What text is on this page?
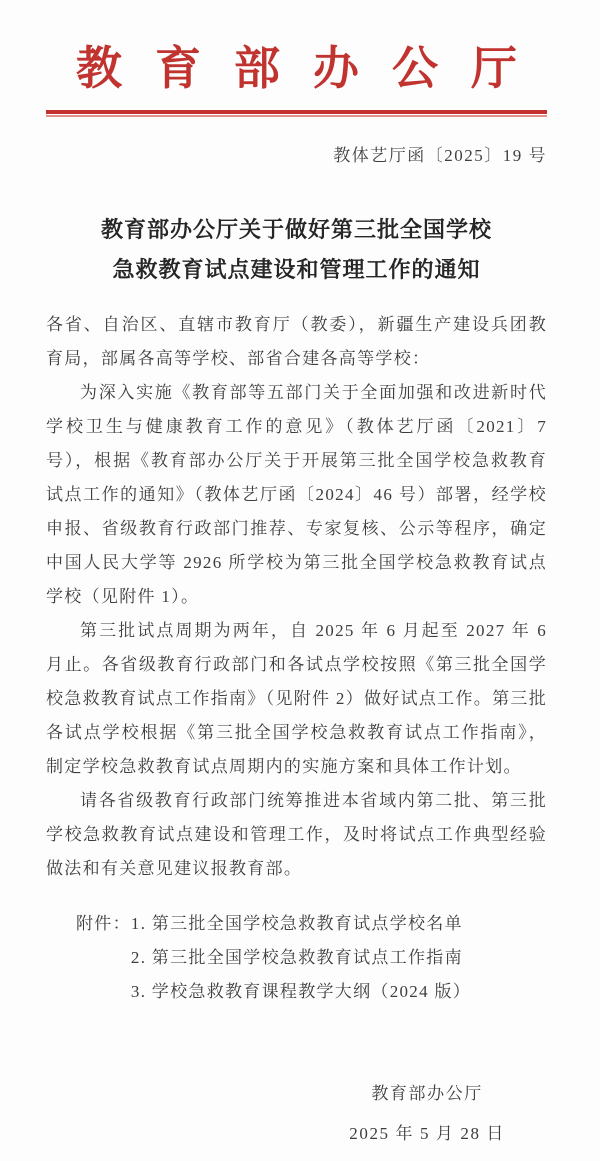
教育部办公厅
教体艺厅函〔2025〕19 号
教育部办公厅关于做好第三批全国学校
急救教育试点建设和管理工作的通知

各省、自治区、直辖市教育厅（教委），新疆生产建设兵团教育局，部属各高等学校、部省合建各高等学校：

为深入实施《教育部等五部门关于全面加强和改进新时代学校卫生与健康教育工作的意见》（教体艺厅函〔2021〕7 号），根据《教育部办公厅关于开展第三批全国学校急救教育试点工作的通知》（教体艺厅函〔2024〕46 号）部署，经学校申报、省级教育行政部门推荐、专家复核、公示等程序，确定中国人民大学等 2926 所学校为第三批全国学校急救教育试点学校（见附件 1）。

第三批试点周期为两年，自 2025 年 6 月起至 2027 年 6 月止。各省级教育行政部门和各试点学校按照《第三批全国学校急救教育试点工作指南》（见附件 2）做好试点工作。第三批各试点学校根据《第三批全国学校急救教育试点工作指南》，制定学校急救教育试点周期内的实施方案和具体工作计划。

请各省级教育行政部门统筹推进本省域内第二批、第三批学校急救教育试点建设和管理工作，及时将试点工作典型经验做法和有关意见建议报教育部。

附件： 1. 第三批全国学校急救教育试点学校名单
2. 第三批全国学校急救教育试点工作指南
3. 学校急救教育课程教学大纲（2024 版）
教育部办公厅
2025 年 5 月 28 日
